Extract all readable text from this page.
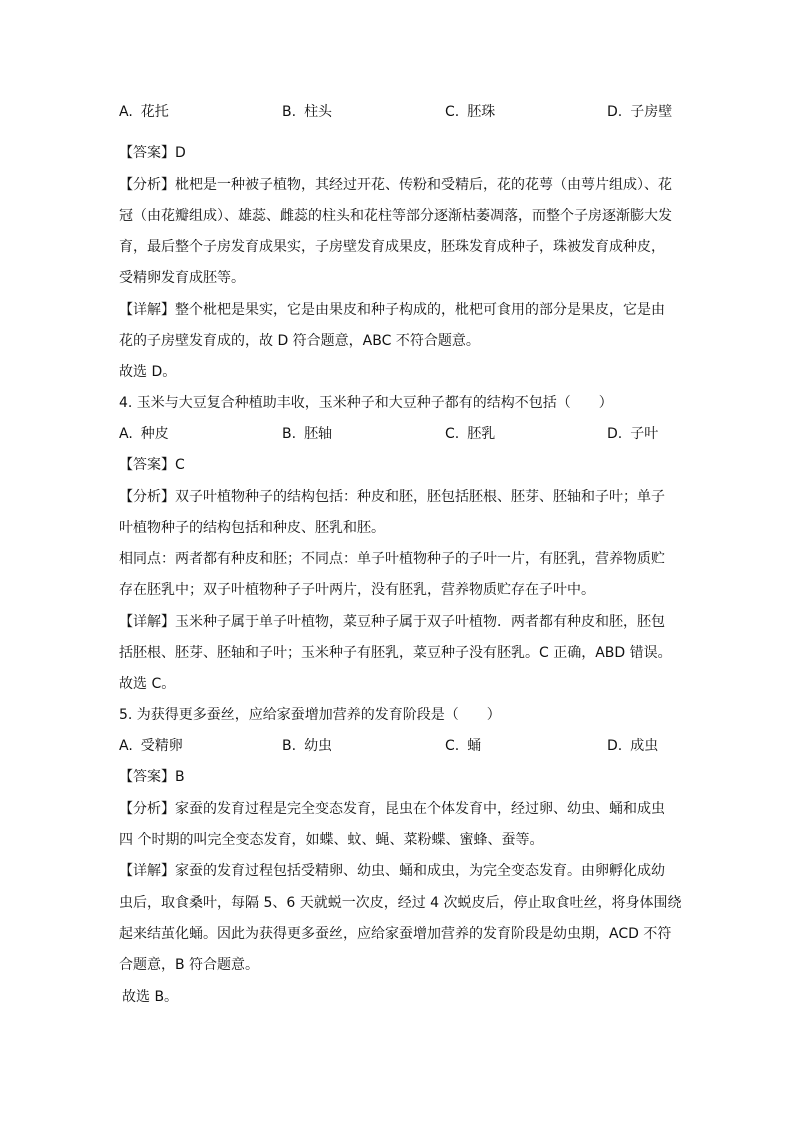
A. 花托	B. 柱头	C. 胚珠	D. 子房壁
【答案】D
【分析】枇杷是一种被子植物，其经过开花、传粉和受精后，花的花萼（由萼片组成）、花
冠（由花瓣组成）、雄蕊、雌蕊的柱头和花柱等部分逐渐枯萎凋落，而整个子房逐渐膨大发
育，最后整个子房发育成果实，子房壁发育成果皮，胚珠发育成种子，珠被发育成种皮，
受精卵发育成胚等。
【详解】整个枇杷是果实，它是由果皮和种子构成的，枇杷可食用的部分是果皮，它是由
花的子房壁发育成的，故 D 符合题意，ABC 不符合题意。
故选 D。
4. 玉米与大豆复合种植助丰收，玉米种子和大豆种子都有的结构不包括（　　）
A. 种皮	B. 胚轴	C. 胚乳	D. 子叶
【答案】C
【分析】双子叶植物种子的结构包括：种皮和胚，胚包括胚根、胚芽、胚轴和子叶；单子
叶植物种子的结构包括和种皮、胚乳和胚。
相同点：两者都有种皮和胚；不同点：单子叶植物种子的子叶一片，有胚乳，营养物质贮
存在胚乳中；双子叶植物种子子叶两片，没有胚乳，营养物质贮存在子叶中。
【详解】玉米种子属于单子叶植物，菜豆种子属于双子叶植物．两者都有种皮和胚，胚包
括胚根、胚芽、胚轴和子叶；玉米种子有胚乳，菜豆种子没有胚乳。C 正确，ABD 错误。
故选 C。
5. 为获得更多蚕丝，应给家蚕增加营养的发育阶段是（　　）
A. 受精卵	B. 幼虫	C. 蛹	D. 成虫
【答案】B
【分析】家蚕的发育过程是完全变态发育，昆虫在个体发育中，经过卵、幼虫、蛹和成虫
四 个时期的叫完全变态发育，如蝶、蚊、蝇、菜粉蝶、蜜蜂、蚕等。
【详解】家蚕的发育过程包括受精卵、幼虫、蛹和成虫，为完全变态发育。由卵孵化成幼
虫后，取食桑叶，每隔 5、6 天就蜕一次皮，经过 4 次蜕皮后，停止取食吐丝，将身体围绕
起来结茧化蛹。因此为获得更多蚕丝，应给家蚕增加营养的发育阶段是幼虫期，ACD 不符
合题意，B 符合题意。
故选 B。
